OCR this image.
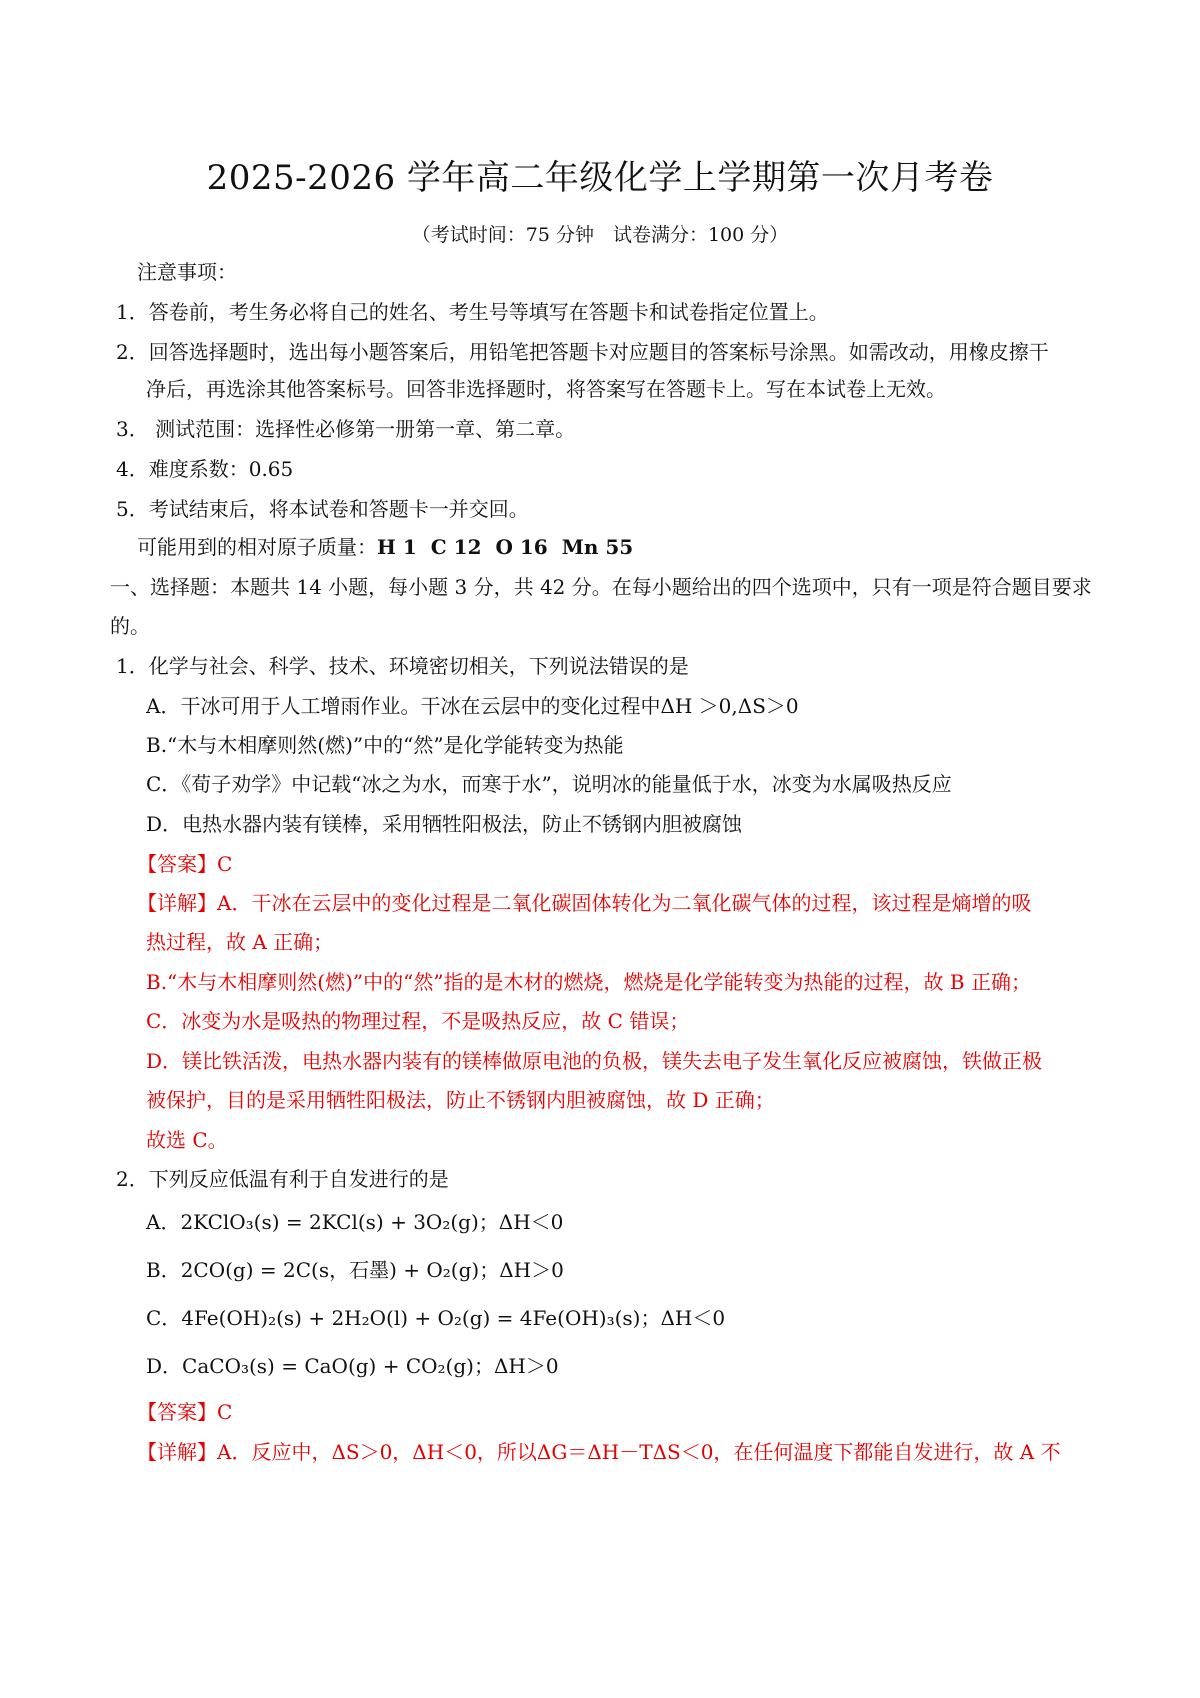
2025-2026 学年高二年级化学上学期第一次月考卷
（考试时间：75 分钟　试卷满分：100 分）
注意事项：
1．答卷前，考生务必将自己的姓名、考生号等填写在答题卡和试卷指定位置上。
2．回答选择题时，选出每小题答案后，用铅笔把答题卡对应题目的答案标号涂黑。如需改动，用橡皮擦干
净后，再选涂其他答案标号。回答非选择题时，将答案写在答题卡上。写在本试卷上无效。
3． 测试范围：选择性必修第一册第一章、第二章。
4．难度系数：0.65
5．考试结束后，将本试卷和答题卡一并交回。
可能用到的相对原子质量：H 1 C 12 O 16 Mn 55
一、选择题：本题共 14 小题，每小题 3 分，共 42 分。在每小题给出的四个选项中，只有一项是符合题目要求
的。
1．化学与社会、科学、技术、环境密切相关，下列说法错误的是
A．干冰可用于人工增雨作业。干冰在云层中的变化过程中ΔH ＞0,ΔS＞0
B.“木与木相摩则然(燃)”中的“然”是化学能转变为热能
C．《荀子劝学》中记载“冰之为水，而寒于水”，说明冰的能量低于水，冰变为水属吸热反应
D．电热水器内装有镁棒，采用牺牲阳极法，防止不锈钢内胆被腐蚀
【答案】C
【详解】A．干冰在云层中的变化过程是二氧化碳固体转化为二氧化碳气体的过程，该过程是熵增的吸
热过程，故 A 正确；
B.“木与木相摩则然(燃)”中的“然”指的是木材的燃烧，燃烧是化学能转变为热能的过程，故 B 正确；
C．冰变为水是吸热的物理过程，不是吸热反应，故 C 错误；
D．镁比铁活泼，电热水器内装有的镁棒做原电池的负极，镁失去电子发生氧化反应被腐蚀，铁做正极
被保护，目的是采用牺牲阳极法，防止不锈钢内胆被腐蚀，故 D 正确；
故选 C。
2．下列反应低温有利于自发进行的是
A．2KClO₃(s) = 2KCl(s) + 3O₂(g)；ΔH＜0
B．2CO(g) = 2C(s，石墨) + O₂(g)；ΔH＞0
C．4Fe(OH)₂(s) + 2H₂O(l) + O₂(g) = 4Fe(OH)₃(s)；ΔH＜0
D．CaCO₃(s) = CaO(g) + CO₂(g)；ΔH＞0
【答案】C
【详解】A．反应中，ΔS＞0，ΔH＜0，所以ΔG＝ΔH－TΔS＜0，在任何温度下都能自发进行，故 A 不
